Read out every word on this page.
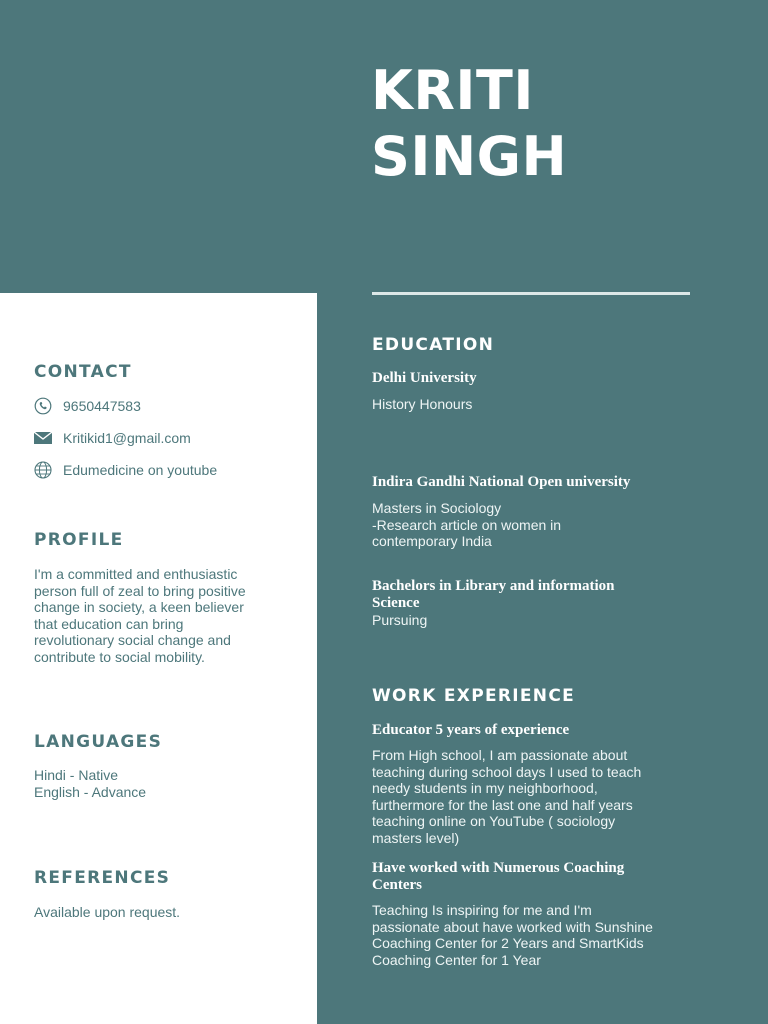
KRITI
SINGH
CONTACT
9650447583
Kritikid1@gmail.com
Edumedicine on youtube
PROFILE
I'm a committed and enthusiastic
person full of zeal to bring positive
change in society, a keen believer
that education can bring
revolutionary social change and
contribute to social mobility.
LANGUAGES
Hindi - Native
English - Advance
REFERENCES
Available upon request.
EDUCATION
Delhi University
History Honours
Indira Gandhi National Open university
Masters in Sociology
-Research article on women in
contemporary India
Bachelors in Library and information
Science
Pursuing
WORK EXPERIENCE
Educator 5 years of experience
From High school, I am passionate about
teaching during school days I used to teach
needy students in my neighborhood,
furthermore for the last one and half years
teaching online on YouTube ( sociology
masters level)
Have worked with Numerous Coaching
Centers
Teaching Is inspiring for me and I'm
passionate about have worked with Sunshine
Coaching Center for 2 Years and SmartKids
Coaching Center for 1 Year
